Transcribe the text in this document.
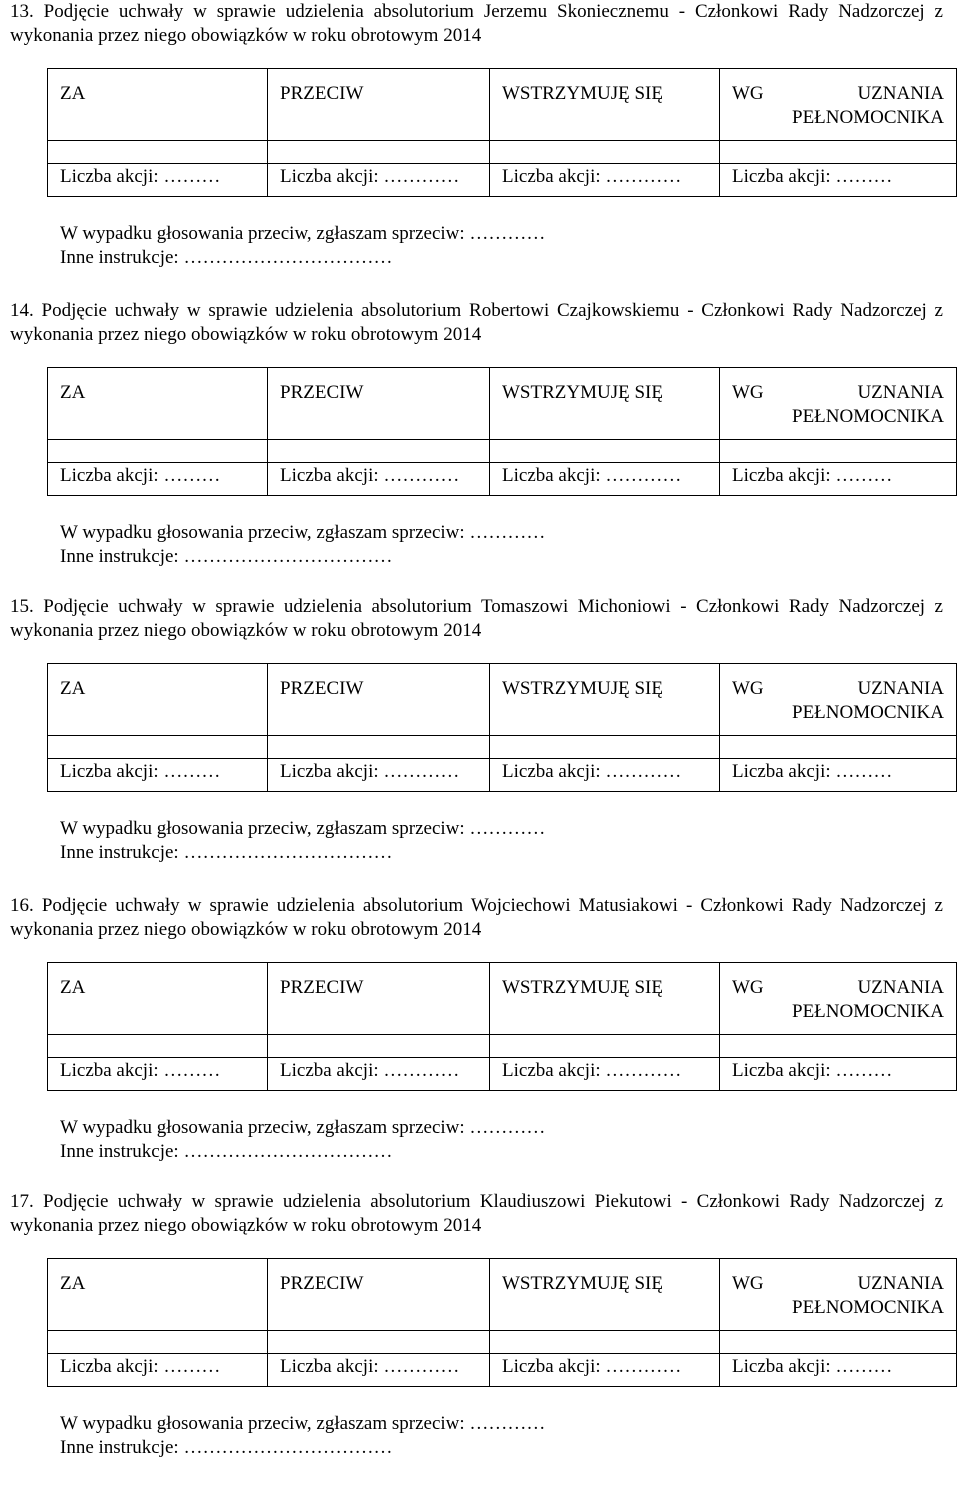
13. Podjęcie uchwały w sprawie udzielenia absolutorium Jerzemu Skoniecznemu - Członkowi Rady Nadzorczej z wykonania przez niego obowiązków w roku obrotowym 2014

ZA	PRZECIW	WSTRZYMUJĘ SIĘ	WG UZNANIA
PEŁNOMOCNIKA

Liczba akcji: ………	Liczba akcji: …………	Liczba akcji: …………	Liczba akcji: ………
W wypadku głosowania przeciw, zgłaszam sprzeciw: …………
Inne instrukcje: ……………………………

14. Podjęcie uchwały w sprawie udzielenia absolutorium Robertowi Czajkowskiemu - Członkowi Rady Nadzorczej z wykonania przez niego obowiązków w roku obrotowym 2014

ZA	PRZECIW	WSTRZYMUJĘ SIĘ	WG UZNANIA
PEŁNOMOCNIKA

Liczba akcji: ………	Liczba akcji: …………	Liczba akcji: …………	Liczba akcji: ………
W wypadku głosowania przeciw, zgłaszam sprzeciw: …………
Inne instrukcje: ……………………………

15. Podjęcie uchwały w sprawie udzielenia absolutorium Tomaszowi Michoniowi - Członkowi Rady Nadzorczej z wykonania przez niego obowiązków w roku obrotowym 2014

ZA	PRZECIW	WSTRZYMUJĘ SIĘ	WG UZNANIA
PEŁNOMOCNIKA

Liczba akcji: ………	Liczba akcji: …………	Liczba akcji: …………	Liczba akcji: ………
W wypadku głosowania przeciw, zgłaszam sprzeciw: …………
Inne instrukcje: ……………………………

16. Podjęcie uchwały w sprawie udzielenia absolutorium Wojciechowi Matusiakowi - Członkowi Rady Nadzorczej z wykonania przez niego obowiązków w roku obrotowym 2014

ZA	PRZECIW	WSTRZYMUJĘ SIĘ	WG UZNANIA
PEŁNOMOCNIKA

Liczba akcji: ………	Liczba akcji: …………	Liczba akcji: …………	Liczba akcji: ………
W wypadku głosowania przeciw, zgłaszam sprzeciw: …………
Inne instrukcje: ……………………………

17. Podjęcie uchwały w sprawie udzielenia absolutorium Klaudiuszowi Piekutowi - Członkowi Rady Nadzorczej z wykonania przez niego obowiązków w roku obrotowym 2014

ZA	PRZECIW	WSTRZYMUJĘ SIĘ	WG UZNANIA
PEŁNOMOCNIKA

Liczba akcji: ………	Liczba akcji: …………	Liczba akcji: …………	Liczba akcji: ………
W wypadku głosowania przeciw, zgłaszam sprzeciw: …………
Inne instrukcje: ……………………………
